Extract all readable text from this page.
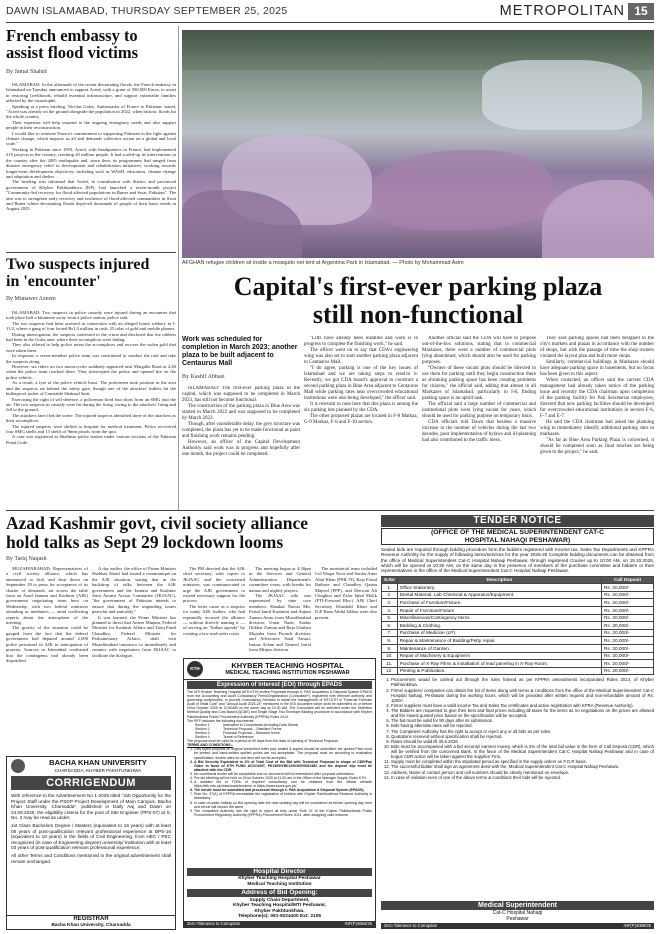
DAWN ISLAMABAD, THURSDAY SEPTEMBER 25, 2025	METROPOLITAN 15
French embassy to
assist flood victims
By Jamal Shahid

ISLAMABAD: In the aftermath of the recent devastating floods, the French embassy in Islamabad on Tuesday announced to support Acted, with a grant of 500,000 Euros, to assist in restoring livelihoods, rebuild essential infrastructure, and support vulnerable families affected by the catastrophe.

Speaking at a press briefing, Nicolas Galey, Ambassador of France to Pakistan, stated, "Acted was already on the ground alongside the population in 2022, when historic floods hit the whole country.

Their expertise will help respond to the ongoing emergency needs and also support people in their reconstruction.

I would like to reiterate France's commitment to supporting Pakistan in the fight against climate change, which impacts us all and demands collective action on a global and local scale."

Working in Pakistan since 1993, Acted, with headquarters in France, had implemented 219 projects in the country, reaching 20 million people. It had scaled-up its interventions in the country after the 2005 earthquake and, since then, its programmes had ranged from disaster emergency relief to development and rehabilitation initiatives, working towards longer-term development objectives, including such as WASH, education, climate change and adaptation and shelter.

The briefing was informed that Acted, in consultation with district and provincial government of Khyber Pakhtunkhwa (KP), had launched a seven-month project "Community-led recovery for flood affected populations in Buner and Swat, Pakistan". The aim was to strengthen early recovery and resilience of flood-affected communities in Swat and Buner where devastating floods deprived thousands of people of their basic needs in August 2025.

Two suspects injured
in 'encounter'
By Munawer Azeem

ISLAMABAD: Two suspects in police custody were injured during an encounter that took place half a kilometre away from a police station, police said.

The two suspects had been arrested in connection with an alleged house robbery in I-11/2, where a gang of four looted Rs1.4 million in cash, 25 tolas of gold and mobile phones.

During interrogation, the suspects confessed to the crime and disclosed that the robbers had been in the Golra area, where their accomplices were hiding.

They also offered to help police arrest the accomplices and recover the stolen gold that were taken there.

In response, a seven-member police team was constituted to conduct the raid and take the suspects along.

However, six riders on two motorcycles suddenly appeared near Margalla Road at 2:40 when the police team reached there. They intercepted the police and opened fire on the police vehicle.

As a result, a tyre of the police vehicle burst. The policemen took position in the area and the suspects sat behind the safety gate, though one of the attackers' bullets hit the bulletproof jacket of Constable Shahzad Satti.

Exercising the right of self-defence, a policeman fired four shots from an SMG into the air. The two suspects in custody were hit during the firing, owing to the attackers' firing and fell to the ground.

The attackers later fled the scene. The injured suspects identified three of the attackers as their accomplices.

The injured suspects were shifted to hospital for medical treatment. Police recovered four SMG shells and 13 shells of 9mm pistols from the spot.

A case was registered at Shalimar police station under various sections of the Pakistan Penal Code.

AFGHAN refugee children sit inside a mosquito net tent at Argentina Park in Islamabad. — Photo by Mohammad Asim
Capital's first-ever parking plaza
still non-functional
Work was scheduled for completion in March 2023; another plaza to be built adjacent to Centaurus Mall
By Kashif Abbasi

ISLAMABAD: The first-ever parking plaza in the capital, which was supposed to be completed in March 2023, has still not become functional.

The construction of the parking plaza in Blue Area was started in March 2022 and was supposed to be completed by March 2023.

Though, after considerable delay, the grey structure was completed, the plaza has yet to be made functional as paint and finishing work remains pending.

However, an officer of the Capital Development Authority said work was in progress and hopefully after one month, the project could be completed.

"Lifts have already been installed and work is in progress to complete the finishing work," he said.

The officer went on to say that CDA's engineering wing was also set to start another parking plaza adjacent to Centaurus Mall.

"I do agree, parking is one of the key issues of Islamabad and we are taking steps to resolve it. Recently, we got CDA board's approval to construct a second parking plaza in Blue Area adjacent to Centaurus Mall while parking rates near overcrowded educational institutions were also being developed," the officer said.

It is relevant to note here that this plaza is among the six parking lots planned by the CDA.

The other proposed plazas are located in F-8 Markaz, G-9 Markaz, F-8 and F-10 sectors.

Another official said the CDA will have to propose out-of-the-box solutions, stating that in commercial Markazes, there were a number of commercial plots lying abandoned, which should also be used for parking purposes.

"Owners of these vacant plots should be directed to use them for parking until they begin construction there as shrinking parking space has been creating problems for citizens," the official said, adding that almost in all Markazes of Islamabad, particularly in I-8, finding parking space is an uphill task.

The official said a large number of commercial and institutional plots were lying vacant for years, which should be used for parking purpose on temporary basis.

CDA officials told Dawn that besides a massive increase in the number of vehicles during the last two decades, poor implementation of bylaws and ill-planning had also contributed to the traffic mess.

They said parking spaces had been designed in the city's markets and plazas in accordance with the number of shops, but with the passage of time the shop owners violated the layout plan and built more shops.

Similarly, commercial buildings in Markazes should have adequate parking space in basements, but no focus has been given to this aspect.

When contacted, an officer said the current CDA management had already taken notice of the parking issue and recently the CDA chairman upon completion of the parking facility for Pak Secretariat employees, directed that new parking facilities should be developed for overcrowded educational institutions in sectors F-6, F-7 and E-7.

He said the CDA chairman had asked the planning wing to immediately identify additional parking sites in markazes.

"As far as Blue Area Parking Plaza is concerned, it should be completed soon as final touches are being given to the project," he said.

Azad Kashmir govt, civil society alliance
hold talks as Sept 29 lockdown looms
By Tariq Naqash

MUZAFFARABAD: Representatives of a civil society alliance, which has announced to lock and shut down on September 29 to press for acceptance of its charter of demands, sat across the table from an Azad Jammu and Kashmir (AJK) government negotiating team here on Wednesday, with two federal ministers attending as mediators — amid conflicting reports about the atmosphere of the meeting.

The gravity of the situation could be gauged from the fact that the federal government had deputed around 2,000 police personnel in AJK in anticipation of protests. Sources in Islamabad confirmed that the contingents had already been dispatched.

A day earlier, the office of Prime Minister Shehbaz Sharif had issued a communiqué on the AJK situation, stating that in the backdrop of talks between the AJK government and the Jammu and Kashmir Joint Awami Action Committee (JKJAAC), "the government of Pakistan intends to ensure that during the impending issues peaceful and amicably."

It was learned, the Prime Minister has planned to direct that Ameer Muqam, Federal Minister for Kashmir Affairs and Tariq Fazal Chaudhry, Federal Minister for Parliamentary Affairs, shall visit Muzaffarabad tomorrow to immediately and connect with negotiators from JKJAAC to facilitate the dialogue.

The PM directed that the AJK chief secretary, with copies to JKJAAC and the concerned ministers, was communicated to urge the AJK government to extend necessary support for the process.

The letter came as a surprise for many AJK leaders, who had repeatedly accused the alliance — without directly naming it — of serving an "Indian agenda" by creating a law-and-order crisis.

The meeting began at 4:30pm in the Services and General Administration Department's committee room, with breaks for namaz and nightly prayers.

The JKJAAC side was represented by nine core members: Shaukat Nawaz Mir, Faisal Jamil Kashmiri and Anjum Zaman Awan from Muzaffarabad division; Umar Nazir, Sardar Iftikhar Zaman and Raja Ghulam Mujtaba from Poonch division; and Advocates Saad Ansari, Imtiaz Aslam and Tasneef Jarral from Mirpur division.

The ministerial team included Col Waqar Noor and Sardar Amir Altaf Khan (PML-N), Raja Faisal Rathore and Chaudhry Qasim Majeed (PPP), and Deewan Ali Chughtai and Zafar Iqbal Malik (PTI-Forward Bloc). AJK Chief Secretary Khushdil Khan and IGP Rana Abdul Jabbar were also present.

KTH	KHYBER TEACHING HOSPITAL
MEDICAL TEACHING INSTITUTION PESHAWAR
Expression of Interest (EOI) through EPADS

The MTI Khyber Teaching Hospital (MTI-KTH) invites Proposals through e- PAK Acquisition & Disposal System EPADS from the Accounting and Audit Consultancy Firms/Organization (Consultant*), registered with relevant authority and governing body/bodies, to provide Consultancy Services to assist the management of MTI-KTH in "External Forensic Audit of Initial Cost" and "Annual Audit 2023-24" mentioned in the EOI document which shall be submitted on or before 02nd October 2025 at 10:30AM on the same day at 10:30 AM. The Consultant will be selected under the Selection Method Quality and Cost Based (QCBS) and Single Stage Two Envelope Bidding procedure in accordance with Khyber Pakhtunkhwa Public Procurement Authority (KPPRA) Rules 2014.

The RFP includes the following documents:

Section 1	Instruction to Consultants (including Data Sheet)
Section 2	Technical Proposal – Standard Forms
Section 3	Financial Proposal – Standard forms
Section 4	Terms of Reference

The proposal shall be valid for a period of 90 days from the date of opening of Technical Proposal.

TERMS AND CONDITIONS:-

1. Only typed proposal on original prescribed letter pad, sealed & signed should be submitted; the quoted Price must be printed and hand-written spelled prices are not acceptable. The proposal must be according to evaluation specification; double rates for one item will not be accepted.
2. A Bid Security Equivalent to 2% of Total Cost of the Bid with Technical Proposal in shape of CDR/Pay Order in favor of KTH FUND ACCOUNT, PK19KHYB0120030000311682 and the deposit slip must be attached with the CDR.
3. No conditional tender will be acceptable and no document will be entertained after proposal submission.
4. Pre-bid Meeting will be held on 02nd October 2025 at 11:00 am in the Office of the Manager Supply Chain KTH.
5. A detailed list of TORs of required consultancy can be obtained from the official website https://kth.edu.pk/downloads/tenders/ or https://www.epms.gov.pk/
6. The tender must be submitted and processed through e- PAK Acquisition & Disposal System (EPADS).
7. Rule No. 37(A) of KPPRA necessitate the registration of bidders with Khyber Pakhtunkhwa Revenue Authority is Mandatory.
8. In case of public holiday on Bid opening date the next working day will be considered as tender opening day, time and venue will remain the same.
9. The competent Authority has the right to reject all bids under Rule 47 of the Khyber Pakhtunkhwa Public Procurement Regulatory Authority (KPPRA) Procurement Rules 2014, after assigning valid reasons.
Hospital Director
Khyber Teaching Hospital Peshawar
Medical Teaching Institution
Address of Bid Opening:
Supply Chain Department,
Khyber Teaching Hospital/MTI Peshawar,
Khyber Pakhtunkhwa.
Telephone(s): 091-9224400 Ext: 2105
Zero Tolerance to Corruption	INF(P)4684/25
TENDER NOTICE
(OFFICE OF THE MEDICAL SUPERINTENDENT CAT-C
HOSPITAL NAHAQI PESHAWAR)

Sealed bids are required through bidding procedure form the bidders registered with Income tax, Sales Tax Departments and KPPRA Revenue Authority for the supply of following items/services for the year 2025-26 Complete bidding documents can be obtained from the office of Medical Superintendent Cat-C Hospital Nahaqi Peshawar, through registered Courier up to 10:00 AM, on 15.10.2025, which will be opened at 10:30 AM, on the same day in the presence of members of the purchase committee and bidders or their representatives in the office of the Medical Superintendent Cat-C Hospital Nahaqi Peshawar.

S.No	Description	Call Deposit
1.	Office Stationery.	Rs. 20,000/-
2.	Dental Material, Lab Chemical & Apparatus/Equipment.	Rs. 20,000/-
3.	Purchase of Furniture/Fixture.	Rs. 20,000/-
4.	Repair of Furniture/Fixture	Rs. 20,000/-
5.	Miscellaneous/Contingency Items.	Rs. 20,000/-
6.	Bedding & Clothing.	Rs. 20,000/-
7.	Purchase of Medicine (LP).	Rs. 20,000/-
8.	Repair & Maintenance of Building/Petty repair.	Rs. 20,000/-
9.	Maintenance of Garden.	Rs. 20,000/-
10.	Repair of Machinery & Equipment	Rs. 20,000/-
11.	Purchase of X-Ray Films & installation of lead paneling in X-Ray Room.	Rs. 20,000/-
12.	Printing & Publication.	Rs. 20,000/-
1. Procurement would be carried out through the rules framed as per KPPRA amendments incorporated Rules 2014, of Khyber Pakhtunkhwa.
2. Firms/ suppliers/ companies can obtain the list of items along with terms & conditions from the office of the Medical Superintendent Cat-C Hospital Nahaqi, Peshawar during the working hours, which will be provided after written request and non-refundable amount of Rs. 1000/-.
3. Firms/ suppliers must have a valid income Tax and Sales Tax certificates and active registration with KPRA (Revenue Authority).
4. The Bidders are requested to give their best and final prices including all taxes for the items as no negotiations on the prices are allowed and the lowest quoted price based on the specification will be accepted.
5. The bid must be valid for 90 days after its submission.
6. Bids having alternate rates will be rejected.
7. The Competent Authority has the right to accept or reject any or all bids as per rules.
8. Quotations received without specification shall be rejected.
9. Rates should be valid till 30.6.2026.
10. Bids must be accompanied with a bid security/ earnest money, which is 2% of the total bid value in the form of Call Deposit (CDR), which will be verified from the concerned Bank, in the favor of the Medical Superintendent Cat-C Hospital Nahaqi Peshawar and in case of bogus CDR action will be taken against the supplier/ Firm.
11. Supply must be completed within the stipulated period as specified in the supply orders on F.O.R basis.
12. The successful bidder shall sign an agreement deed with the, Medical Superintendent Cat-C Hospital Nahaqi Peshawar.
13. Address, Name of contact person and cell numbers should be clearly mentioned on envelope.
14. In case of violation even of one of the above terms & conditions their bids will be rejected.
Medical Superintendent
Cat-C Hospital Nahaqi
Peshawar
Zero Tolerance to Corruption	INF(P)4089/25
BACHA KHAN UNIVERSITY
CHARSADDA, KHYBER PAKHTUNKHWA
CORRIGENDUM

With reference to the Advertisement No 1-2025 titled "Job Opportunity for the Project Staff under the PSDP Project Development of Main Campus, Bacha Khan University, Charsadda", published in Daily Aaj and Dawn on 24.09.2025, the eligibility criteria for the post of Site Engineer (PPS-07) at S. No. 2 may be read as under:

1st Class Bachelors Degree / Masters (equivalent to 16 years) with at least 05 years of post-qualification relevant professional experience at BPS-16 (equivalent to 18 years) in the fields of Civil Engineering, from HEC / PEC recognized (in case of Engineering degree) university/ institution with at least 03 years of post-qualification relevant professional experience.

All other Terms and Conditions mentioned in the original advertisement shall remain unchanged.

REGISTRAR
Bacha Khan University, Charsadda
